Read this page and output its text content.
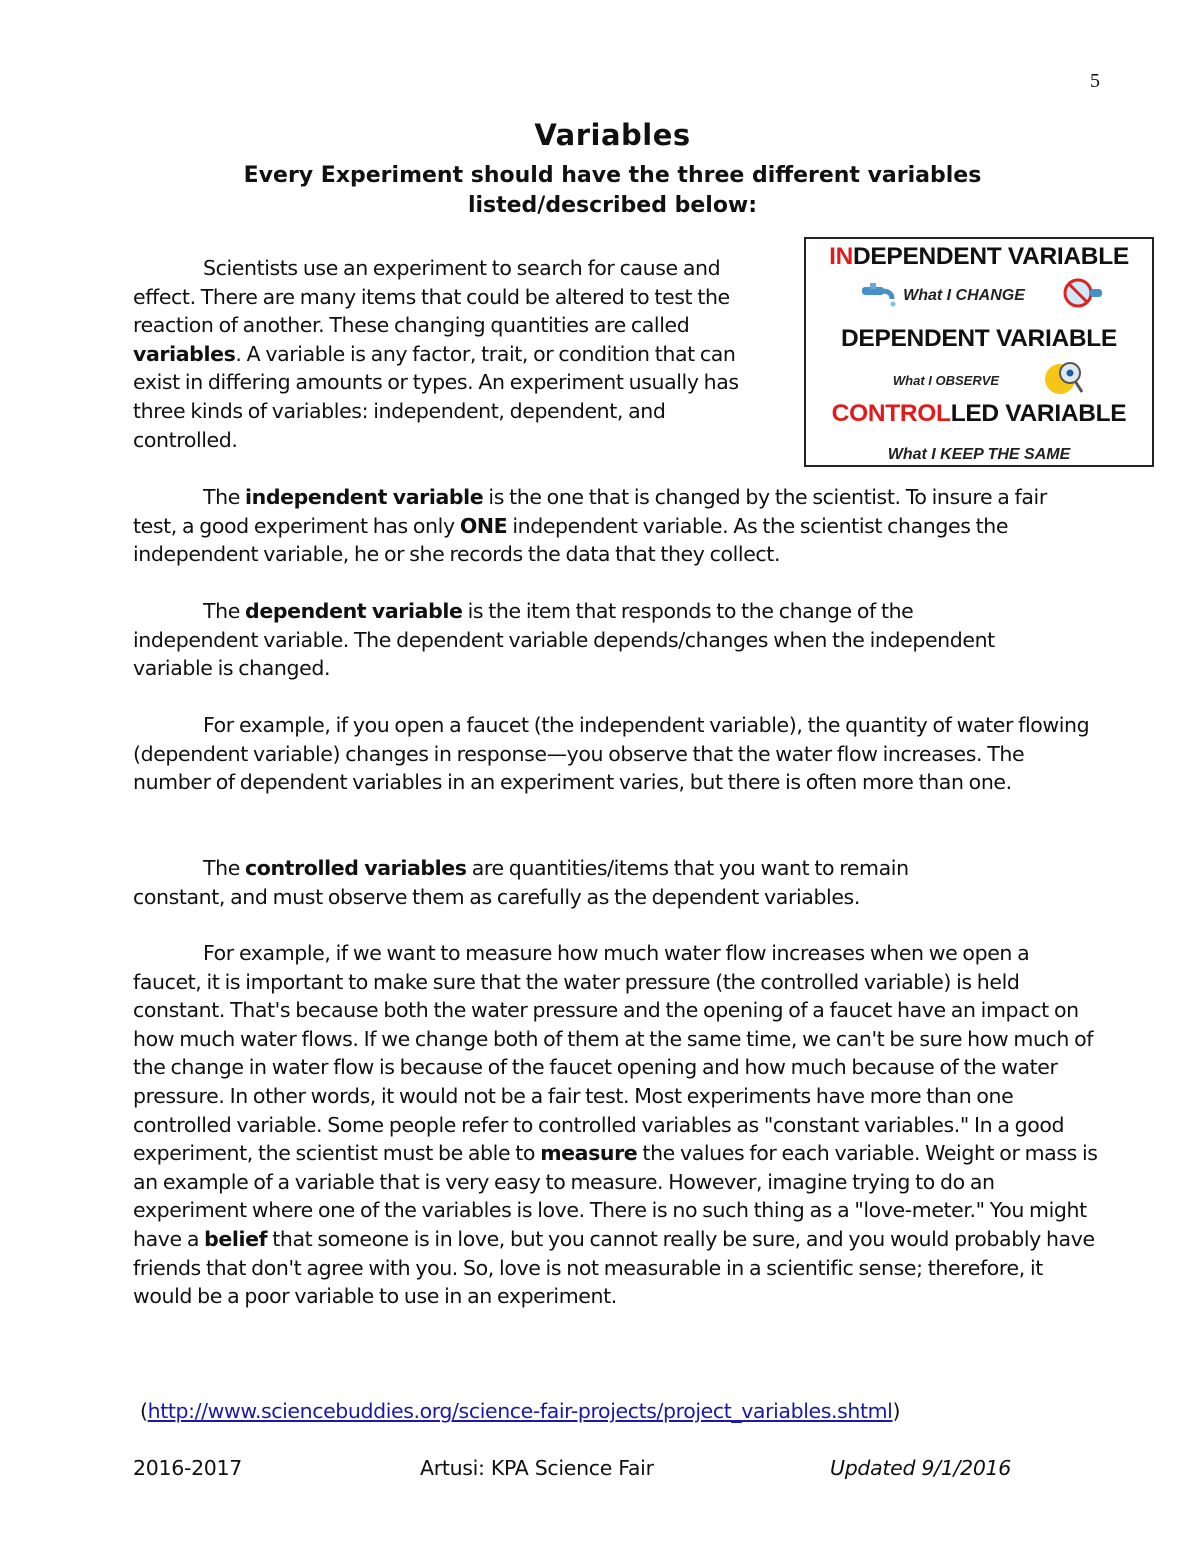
5
Variables
Every Experiment should have the three different variables
listed/described below:

Scientists use an experiment to search for cause and effect. There are many items that could be altered to test the reaction of another. These changing quantities are called variables. A variable is any factor, trait, or condition that can exist in differing amounts or types. An experiment usually has three kinds of variables: independent, dependent, and controlled.

INDEPENDENT VARIABLE
What I CHANGE
DEPENDENT VARIABLE
What I OBSERVE
CONTROLLED VARIABLE
What I KEEP THE SAME

The independent variable is the one that is changed by the scientist. To insure a fair test, a good experiment has only ONE independent variable. As the scientist changes the independent variable, he or she records the data that they collect.

The dependent variable is the item that responds to the change of the independent variable. The dependent variable depends/changes when the independent variable is changed.

For example, if you open a faucet (the independent variable), the quantity of water flowing (dependent variable) changes in response—you observe that the water flow increases. The number of dependent variables in an experiment varies, but there is often more than one.

The controlled variables are quantities/items that you want to remain constant, and must observe them as carefully as the dependent variables.

For example, if we want to measure how much water flow increases when we open a faucet, it is important to make sure that the water pressure (the controlled variable) is held constant. That's because both the water pressure and the opening of a faucet have an impact on how much water flows. If we change both of them at the same time, we can't be sure how much of the change in water flow is because of the faucet opening and how much because of the water pressure. In other words, it would not be a fair test. Most experiments have more than one controlled variable. Some people refer to controlled variables as "constant variables." In a good experiment, the scientist must be able to measure the values for each variable. Weight or mass is an example of a variable that is very easy to measure. However, imagine trying to do an experiment where one of the variables is love. There is no such thing as a "love-meter." You might have a belief that someone is in love, but you cannot really be sure, and you would probably have friends that don't agree with you. So, love is not measurable in a scientific sense; therefore, it would be a poor variable to use in an experiment.

(http://www.sciencebuddies.org/science-fair-projects/project_variables.shtml)
2016-2017	Artusi: KPA Science Fair	Updated 9/1/2016
